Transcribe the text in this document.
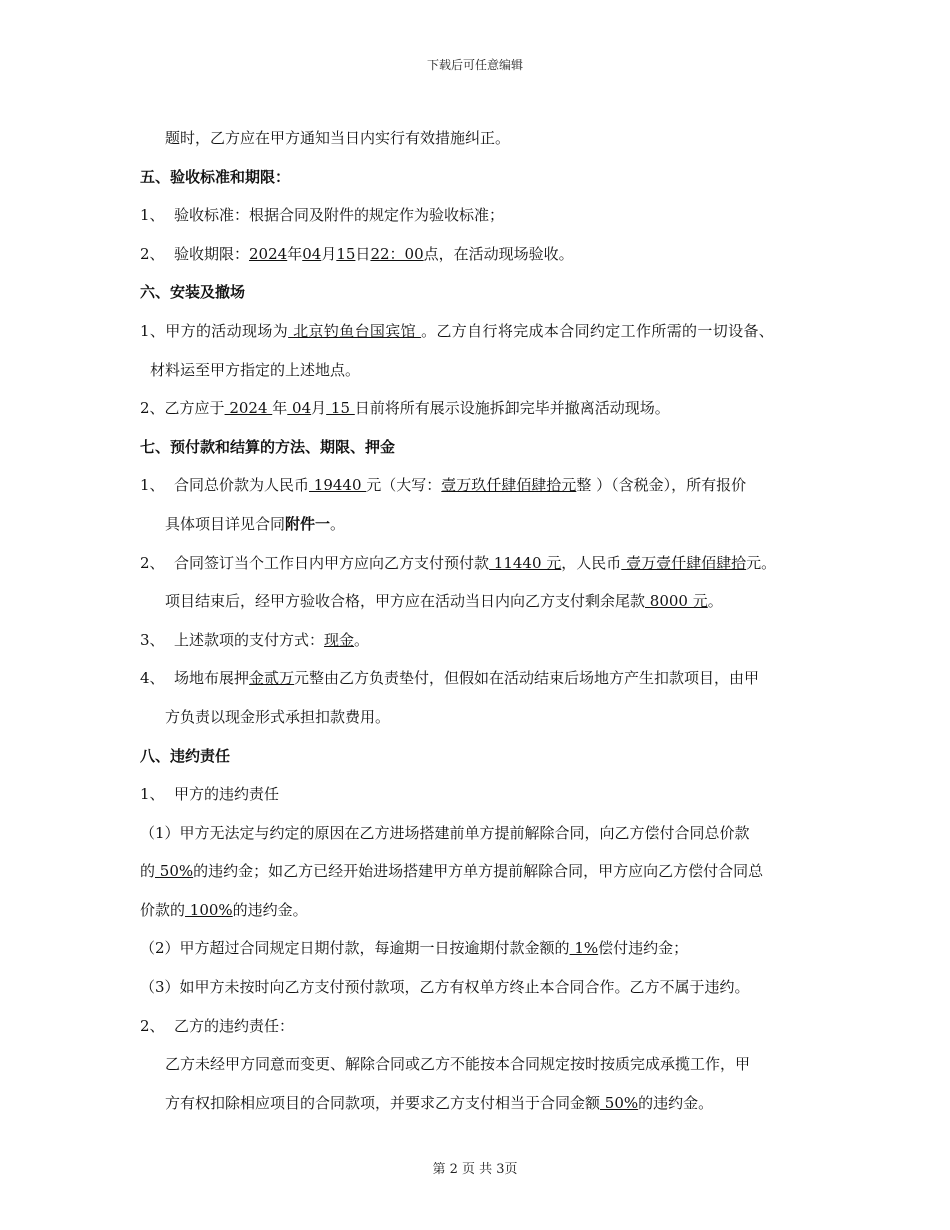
下载后可任意编辑
题时，乙方应在甲方通知当日内实行有效措施纠正。
五、验收标准和期限：
1、 验收标准：根据合同及附件的规定作为验收标准；
2、 验收期限：2024年04月15日22：00点，在活动现场验收。
六、安装及撤场
1、甲方的活动现场为 北京钓鱼台国宾馆 。乙方自行将完成本合同约定工作所需的一切设备、
材料运至甲方指定的上述地点。
2、乙方应于 2024 年 04月 15 日前将所有展示设施拆卸完毕并撤离活动现场。
七、预付款和结算的方法、期限、押金
1、 合同总价款为人民币 19440 元（大写：壹万玖仟肆佰肆拾元整 ）（含税金），所有报价
具体项目详见合同附件一。
2、 合同签订当个工作日内甲方应向乙方支付预付款 11440 元，人民币 壹万壹仟肆佰肆拾元。
项目结束后，经甲方验收合格，甲方应在活动当日内向乙方支付剩余尾款 8000 元。
3、 上述款项的支付方式：现金。
4、 场地布展押金贰万元整由乙方负责垫付，但假如在活动结束后场地方产生扣款项目，由甲
方负责以现金形式承担扣款费用。
八、违约责任
1、 甲方的违约责任
（1）甲方无法定与约定的原因在乙方进场搭建前单方提前解除合同，向乙方偿付合同总价款
的 50%的违约金；如乙方已经开始进场搭建甲方单方提前解除合同，甲方应向乙方偿付合同总
价款的 100%的违约金。
（2）甲方超过合同规定日期付款，每逾期一日按逾期付款金额的 1%偿付违约金；
（3）如甲方未按时向乙方支付预付款项，乙方有权单方终止本合同合作。乙方不属于违约。
2、 乙方的违约责任：
乙方未经甲方同意而变更、解除合同或乙方不能按本合同规定按时按质完成承揽工作，甲
方有权扣除相应项目的合同款项，并要求乙方支付相当于合同金额 50%的违约金。
第 2 页 共 3页
